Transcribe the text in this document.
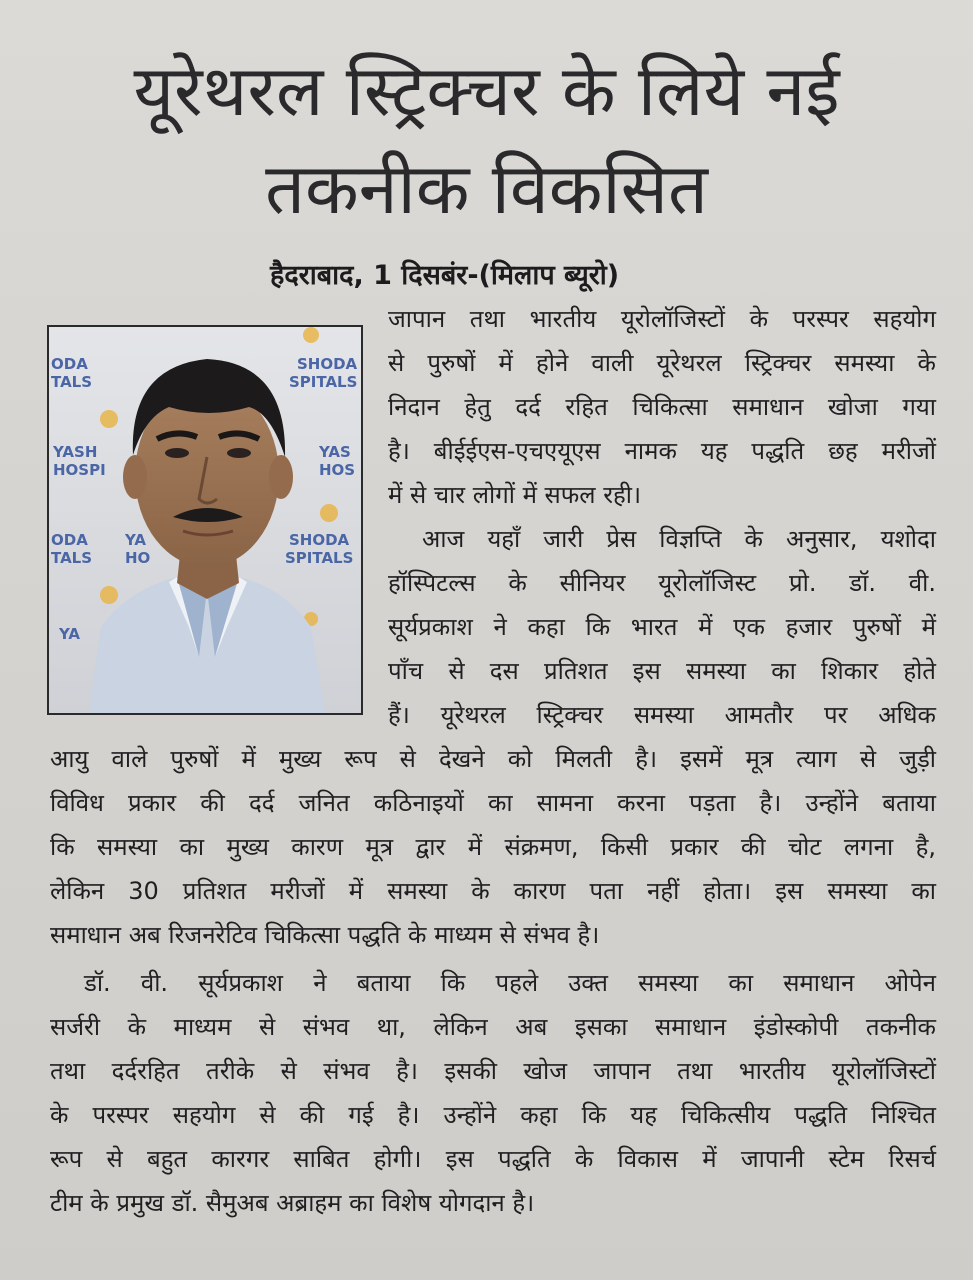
यूरेथरल स्ट्रिक्चर के लिये नई
तकनीक विकसित
हैदराबाद, 1 दिसबंर-(मिलाप ब्यूरो)
ODA
TALS
SHODA
SPITALS
YASH
HOSPI
YAS
HOS
ODA
TALS
YA
HO
SHODA
SPITALS
YA

जापान तथा भारतीय यूरोलॉजिस्टों के परस्पर सहयोग

से पुरुषों में होने वाली यूरेथरल स्ट्रिक्चर समस्या के

निदान हेतु दर्द रहित चिकित्सा समाधान खोजा गया

है। बीईईएस-एचएयूएस नामक यह पद्धति छह मरीजों

में से चार लोगों में सफल रही।

आज यहाँ जारी प्रेस विज्ञप्ति के अनुसार, यशोदा

हॉस्पिटल्स के सीनियर यूरोलॉजिस्ट प्रो. डॉ. वी.

सूर्यप्रकाश ने कहा कि भारत में एक हजार पुरुषों में

पाँच से दस प्रतिशत इस समस्या का शिकार होते

हैं। यूरेथरल स्ट्रिक्चर समस्या आमतौर पर अधिक

आयु वाले पुरुषों में मुख्य रूप से देखने को मिलती है। इसमें मूत्र त्याग से जुड़ी

विविध प्रकार की दर्द जनित कठिनाइयों का सामना करना पड़ता है। उन्होंने बताया

कि समस्या का मुख्य कारण मूत्र द्वार में संक्रमण, किसी प्रकार की चोट लगना है,

लेकिन 30 प्रतिशत मरीजों में समस्या के कारण पता नहीं होता। इस समस्या का

समाधान अब रिजनरेटिव चिकित्सा पद्धति के माध्यम से संभव है।

डॉ. वी. सूर्यप्रकाश ने बताया कि पहले उक्त समस्या का समाधान ओपेन

सर्जरी के माध्यम से संभव था, लेकिन अब इसका समाधान इंडोस्कोपी तकनीक

तथा दर्दरहित तरीके से संभव है। इसकी खोज जापान तथा भारतीय यूरोलॉजिस्टों

के परस्पर सहयोग से की गई है। उन्होंने कहा कि यह चिकित्सीय पद्धति निश्चित

रूप से बहुत कारगर साबित होगी। इस पद्धति के विकास में जापानी स्टेम रिसर्च

टीम के प्रमुख डॉ. सैमुअब अब्राहम का विशेष योगदान है।
